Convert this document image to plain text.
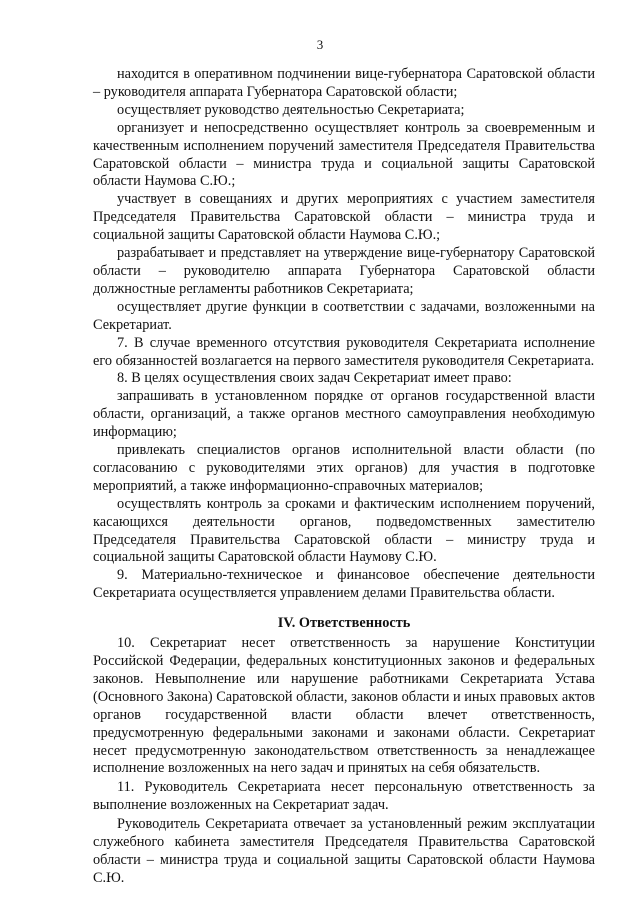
3

находится в оперативном подчинении вице-губернатора Саратовской области – руководителя аппарата Губернатора Саратовской области;

осуществляет руководство деятельностью Секретариата;

организует и непосредственно осуществляет контроль за своевременным и качественным исполнением поручений заместителя Председателя Правительства Саратовской области – министра труда и социальной защиты Саратовской области Наумова С.Ю.;

участвует в совещаниях и других мероприятиях с участием заместителя Председателя Правительства Саратовской области – министра труда и социальной защиты Саратовской области Наумова С.Ю.;

разрабатывает и представляет на утверждение вице-губернатору Саратовской области – руководителю аппарата Губернатора Саратовской области должностные регламенты работников Секретариата;

осуществляет другие функции в соответствии с задачами, возложенными на Секретариат.

7. В случае временного отсутствия руководителя Секретариата исполнение его обязанностей возлагается на первого заместителя руководителя Секретариата.

8. В целях осуществления своих задач Секретариат имеет право:

запрашивать в установленном порядке от органов государственной власти области, организаций, а также органов местного самоуправления необходимую информацию;

привлекать специалистов органов исполнительной власти области (по согласованию с руководителями этих органов) для участия в подготовке мероприятий, а также информационно-справочных материалов;

осуществлять контроль за сроками и фактическим исполнением поручений, касающихся деятельности органов, подведомственных заместителю Председателя Правительства Саратовской области – министру труда и социальной защиты Саратовской области Наумову С.Ю.

9. Материально-техническое и финансовое обеспечение деятельности Секретариата осуществляется управлением делами Правительства области.

IV. Ответственность

10. Секретариат несет ответственность за нарушение Конституции Российской Федерации, федеральных конституционных законов и федеральных законов. Невыполнение или нарушение работниками Секретариата Устава (Основного Закона) Саратовской области, законов области и иных правовых актов органов государственной власти области влечет ответственность, предусмотренную федеральными законами и законами области. Секретариат несет предусмотренную законодательством ответственность за ненадлежащее исполнение возложенных на него задач и принятых на себя обязательств.

11. Руководитель Секретариата несет персональную ответственность за выполнение возложенных на Секретариат задач.

Руководитель Секретариата отвечает за установленный режим эксплуатации служебного кабинета заместителя Председателя Правительства Саратовской области – министра труда и социальной защиты Саратовской области Наумова С.Ю.
